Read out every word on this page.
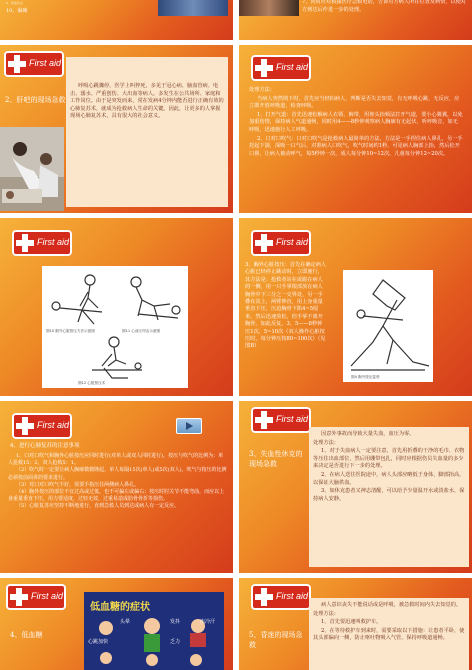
9、昏迷状态
10、偏瘫
7、同时应对救援医疗急救电话，告诉对方病人所在位置及病情，以便对方到达后作进一步的处理。
First aid
2、肝吧的现场急救

呼吸心跳骤停，医学上叫猝死，多见于冠心病、脑血管病、电击、溺水、严重创伤、大出血等病人。多发生在公共场所、家庭和工作岗位。由于是突发而来，常在发病4分钟内能否进行正确有效的心肺复苏术，就成为抢救病人生命的关键。因此，让更多的人掌握现场心肺复苏术，具有很大的社会意义。

First aid

处理方法：

当病人突然倒下时，首先应当轻拍病人，判断是否失去知觉，有无呼吸心跳，无反应，应立即开放呼吸道，检查呼吸。

1、打开气道：首先迅速松解病人衣领、裤带，用仰头抬颏法打开气道，要小心翼翼，以免加重伤情，保持病人气道通畅，同时用4——8秒钟观察病人胸廓有无起伏，听呼吸音，如无呼吸，迅速施行人工呼吸。

2、口对口吹气：口对口吹气是抢救病人最简单的方法，方法是一手捏住病人鼻孔，另一手托起下颌，深吸一口气后，对准病人口吹气，吹气时间约1秒，可见病人胸部上抬，然后松开口鼻，让病人被动呼气，每5秒钟一次，成人每分钟10~12次，儿童每分钟12~20次。

First aid
图10 胸外心脏按压方法示意图	图11 心前区叩击示意图
图12 心脏按压术
First aid
3、胸外心脏按压：首先在确定病人心脏已经停止跳动时，立即施行，其方法是：抢救者站在或跪在病人的一侧，用一只手掌根部放在病人胸骨中下三分之一交界处，另一手叠在其上，两臂伸直，用上身重量垂直下压，压迫胸骨下陷4~5厘米，然后迅速放松，但手掌不离开胸骨，如此反复。3、5——8秒钟压1次，5~10次（双人操作心脏按压时，每分钟压按80~100次）（见图B）
图4 胸外按压姿势
First aid
4、进行心肺复苏的注意事项

1、口对口吹气和胸外心脏按压应同时进行(对单人或双人同时进行)，按压与吹气的比例为：单人抢救15：2，双人抢救5：1。

（2）吹气时一定要让病人胸廓微微隆起，单人每隔15次(单人)或5次(双人)，吹气与按压的比例必须按前面讲的要求进行。

（3）对口对口吹气不好，需要手指压住两侧病人鼻孔。

（4）胸外按压的部位不宜过高或过低，也不可偏左或偏右；按压时肘关节不能弯曲，而应以上身重量垂直下压，用力要适度，过轻无效，过重易造成肋骨骨折等损伤。

（5）心脏复苏应坚持不断地进行，直到急救人员到达或病人有一定反应。

First aid
3、失血性休克的现场急救

因意外事故而导致大量失血，血压为零。

处理方法：

1、对于失血病人一定要注意，首先用折叠的干净的毛巾、衣物等压住出血部位，然后用绷带包扎，同时应根据伤员失血量的多少来决定是否进行下一步的处理。

2、在病人送往医院途中，病人头部应略低于身体，脚部抬高，以保证大脑供血。

3、如休克患者又神志清醒，可以给予少量温开水或淡盐水，保持病人安静。

First aid
4、低血糖
低血糖的症状
心跳加快
头晕	发抖	出冷汗
乏力
First aid
5、昏迷的现场急救

病人意识丧失不能说话或是呼吸，被急救时间内失去知觉的。

处理方法：

1、首先要迅速叫救护车。

2、在等待救护车到来时，需要采取以下措施：让患者平卧，使其头部偏向一侧，防止呕吐物吸入气管，保持呼吸道通畅。
